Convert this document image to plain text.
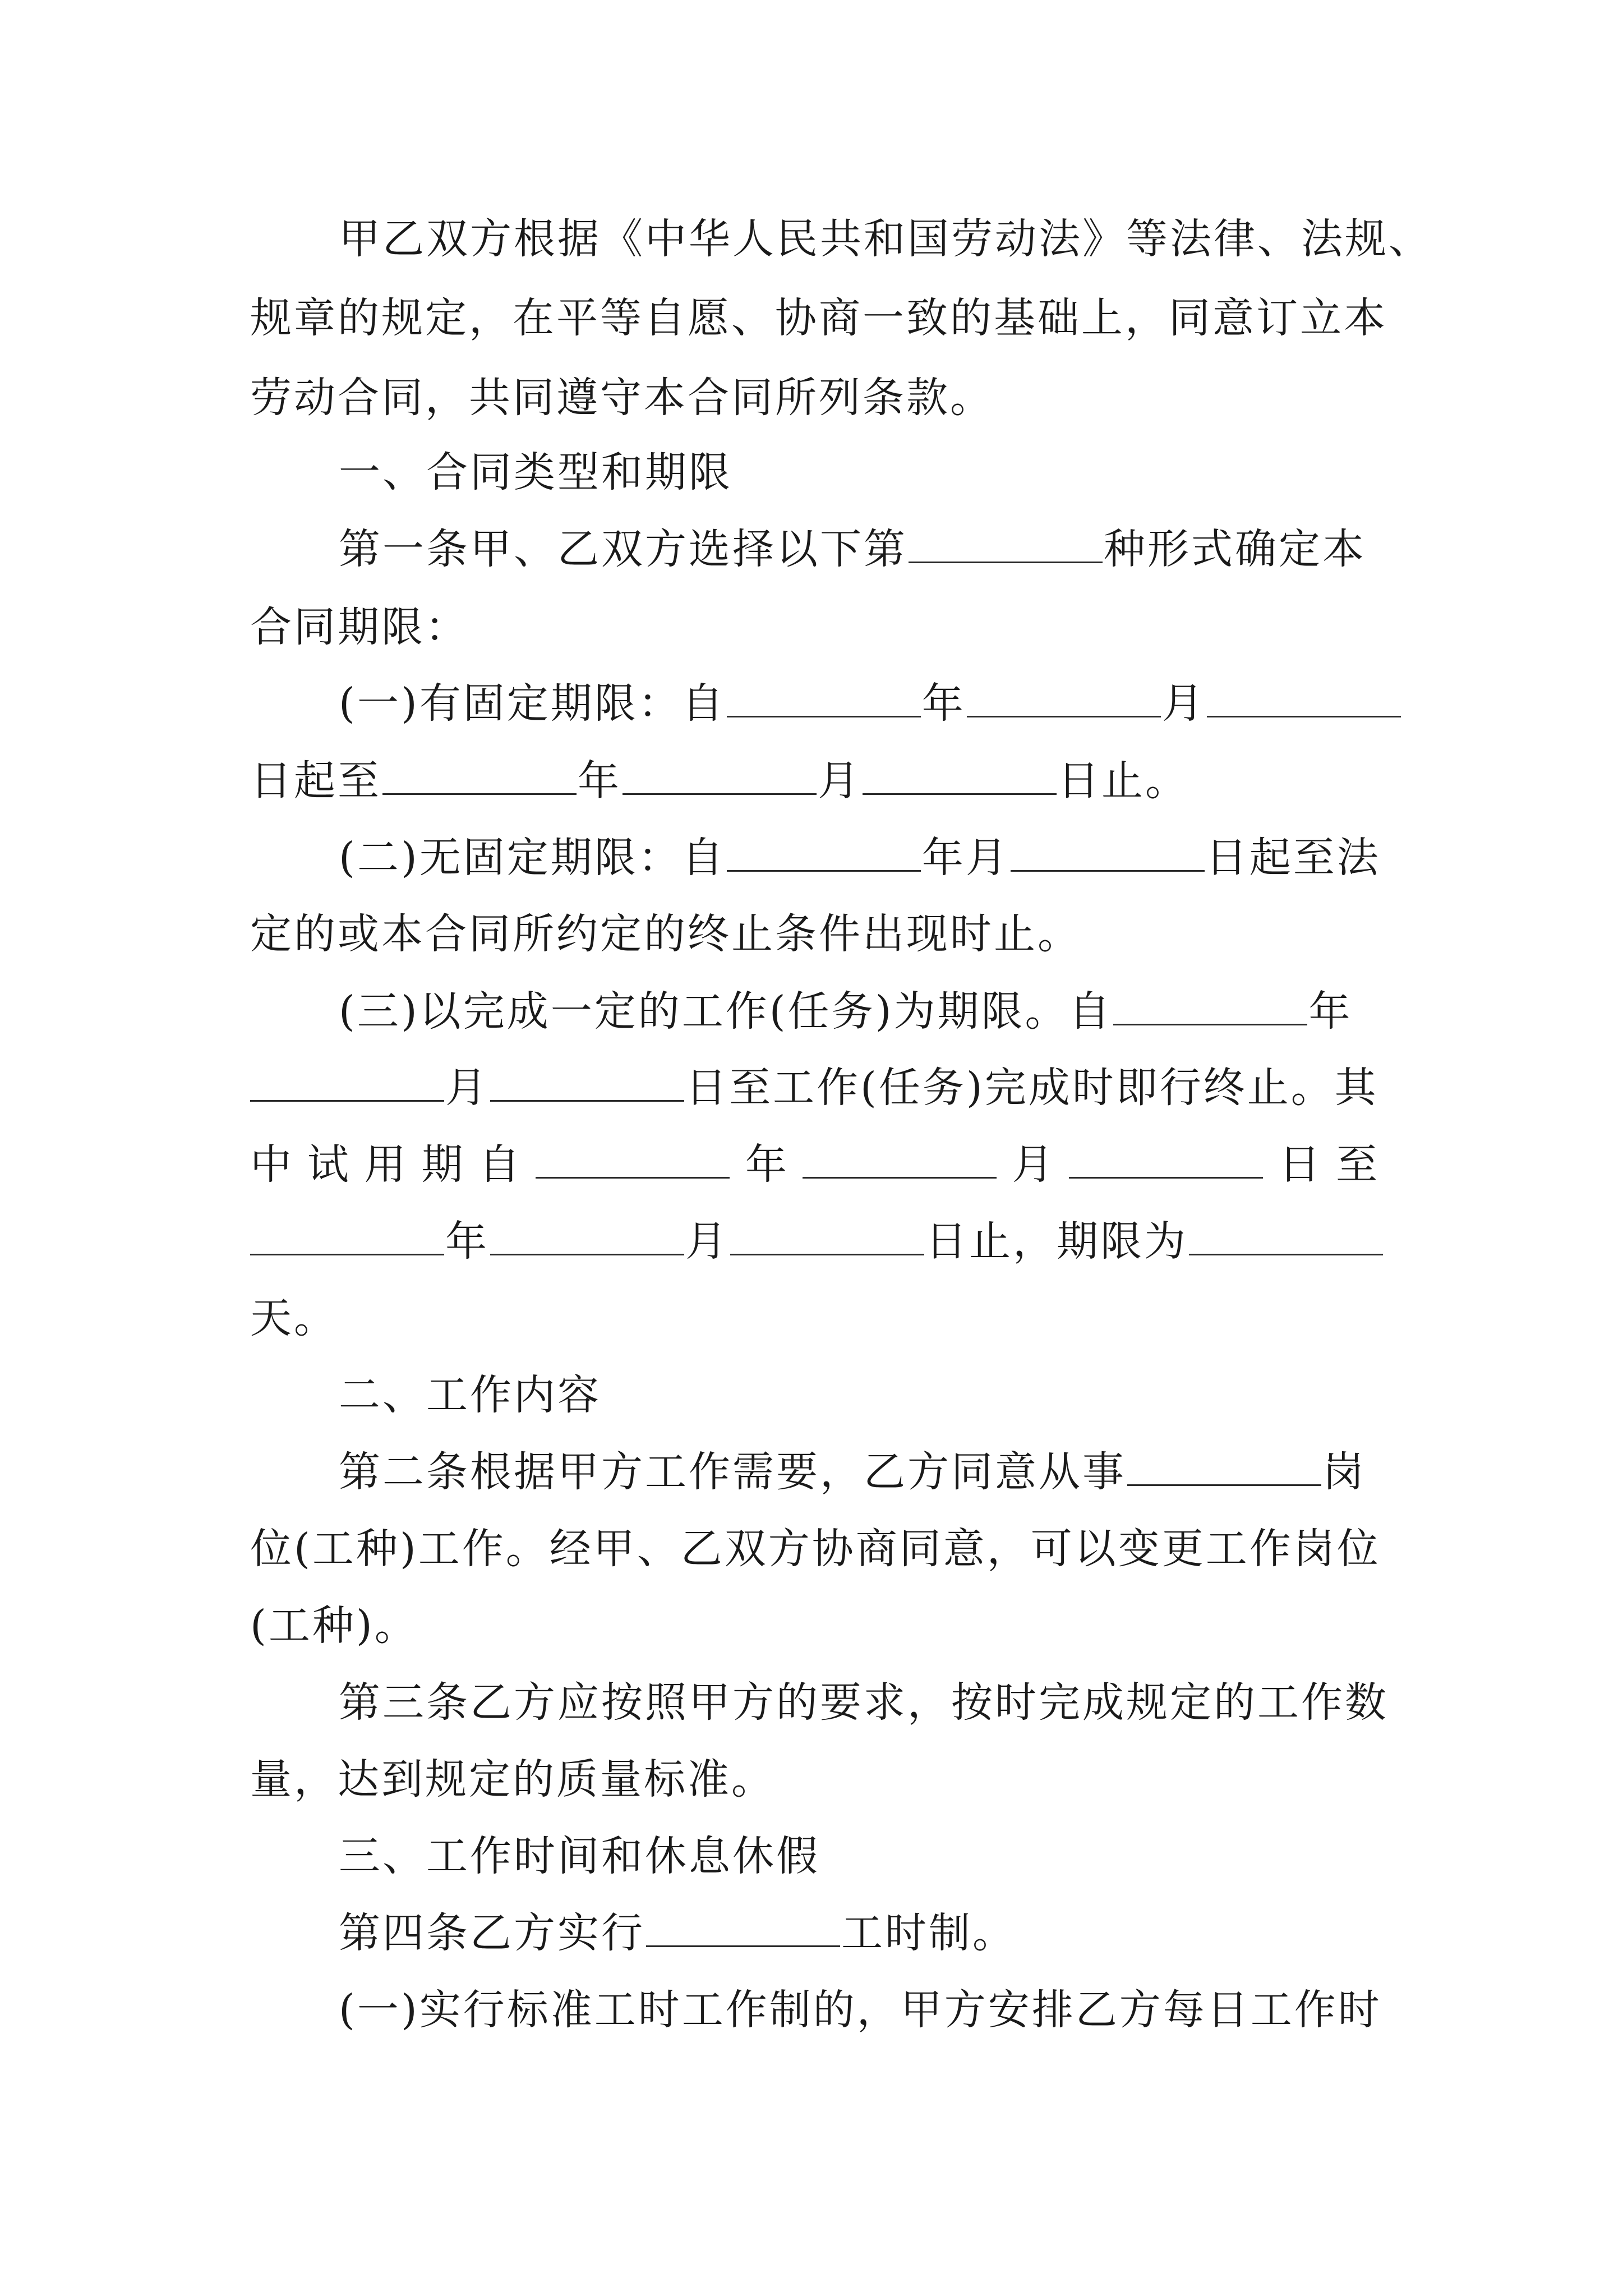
甲乙双方根据《中华人民共和国劳动法》等法律、法规、
规章的规定，在平等自愿、协商一致的基础上，同意订立本
劳动合同，共同遵守本合同所列条款。
一、合同类型和期限
第一条甲、乙双方选择以下第	种形式确定本
合同期限：
(一)有固定期限：自	年	月
日起至	年	月	日止。
(二)无固定期限：自	年月	日起至法
定的或本合同所约定的终止条件出现时止。
(三)以完成一定的工作(任务)为期限。自	年
月	日至工作(任务)完成时即行终止。其
中 试 用 期 自	年	月	日 至
年	月	日止，期限为
天。
二、工作内容
第二条根据甲方工作需要，乙方同意从事	岗
位(工种)工作。经甲、乙双方协商同意，可以变更工作岗位
(工种)。
第三条乙方应按照甲方的要求，按时完成规定的工作数
量，达到规定的质量标准。
三、工作时间和休息休假
第四条乙方实行	工时制。
(一)实行标准工时工作制的，甲方安排乙方每日工作时
